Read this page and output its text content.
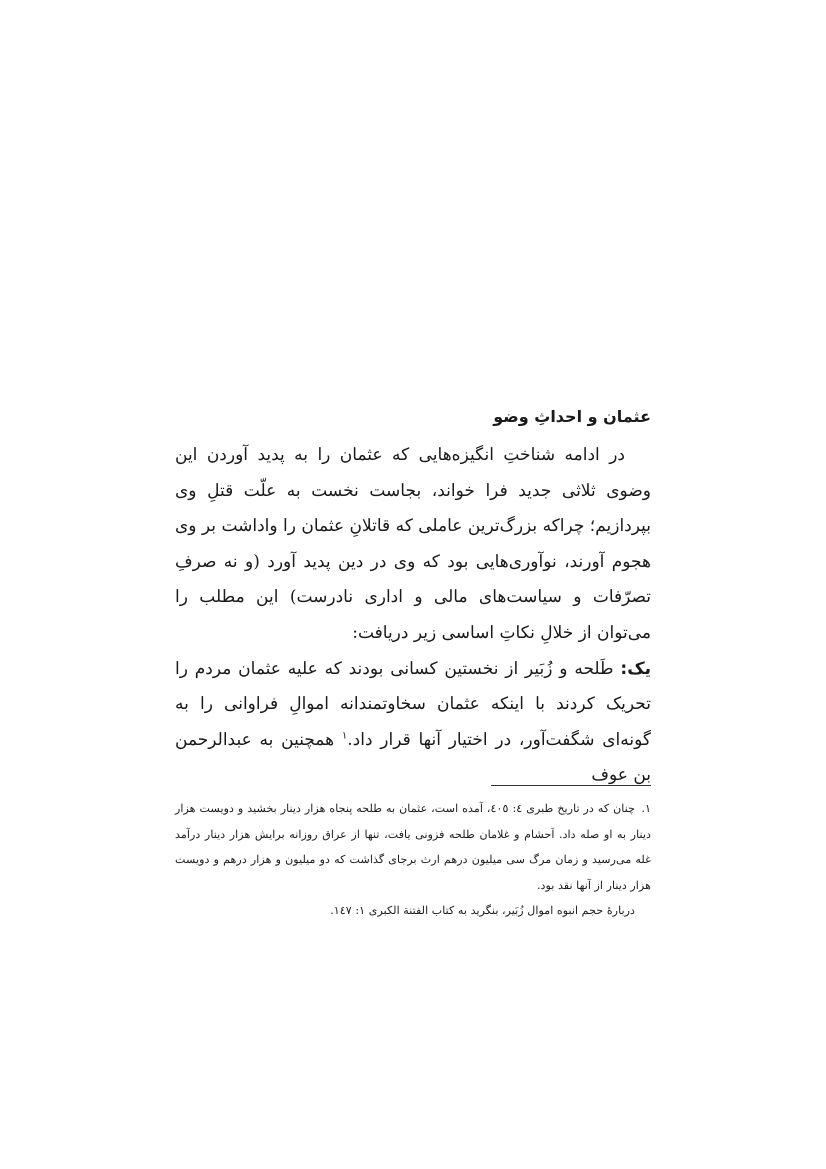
عثمان و احداثِ وضو

در ادامه شناختِ انگیزه‌هایی که عثمان را به پدید آوردن این وضوی ثلاثی جدید فرا خواند، بجاست نخست به علّت قتلِ وی بپردازیم؛ چراکه بزرگ‌ترین عاملی که قاتلانِ عثمان را واداشت بر وی هجوم آورند، نوآوری‌هایی بود که وی در دین پدید آورد (و نه صرفِ تصرّفات و سیاست‌های مالی و اداری نادرست) این مطلب را می‌توان از خلالِ نکاتِ اساسی زیر دریافت:

یک: طَلحه و زُبَیر از نخستین کسانی بودند که علیه عثمان مردم را تحریک کردند با اینکه عثمان سخاوتمندانه اموالِ فراوانی را به گونه‌ای شگفت‌آور، در اختیار آنها قرار داد.$^۱$ همچنین به عبدالرحمن بن عوف

۱.چنان که در تاریخ طبری ٤: ٤٠٥، آمده است، عثمان به طلحه پنجاه هزار دینار بخشید و دویست هزار دینار به او صله داد. اَحشام و غلامان طلحه فزونی یافت، تنها از عراق روزانه برایش هزار دینار درآمد غله می‌رسید و زمان مرگ سی میلیون درهم ارث برجای گذاشت که دو میلیون و هزار درهم و دویست هزار دینار از آنها نقد بود.

دربارهٔ حجم انبوه اموال زُبَیر، بنگرید به کتاب الفتنة الکبری ١: ١٤٧.
